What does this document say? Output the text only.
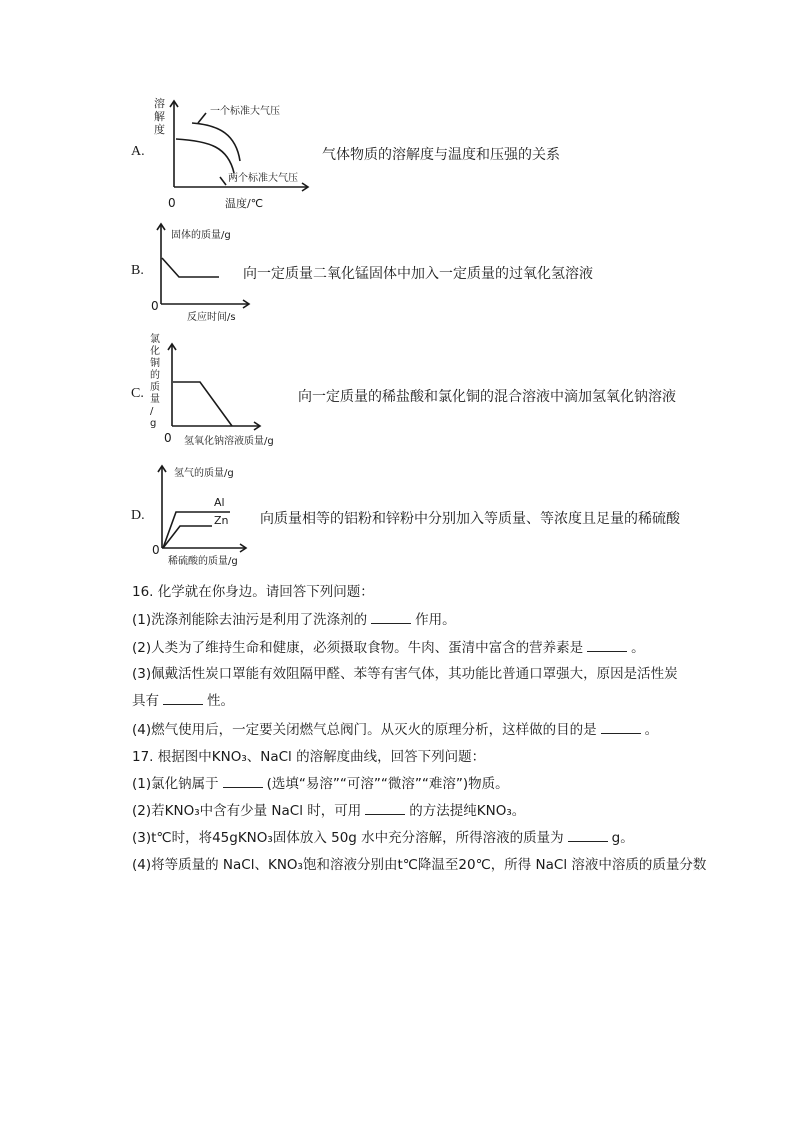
A.
溶
解
度
一个标准大气压
两个标准大气压
0	温度/℃
气体物质的溶解度与温度和压强的关系
B.
固体的质量/g
0
反应时间/s
向一定质量二氧化锰固体中加入一定质量的过氧化氢溶液
C.
氯
化
铜
的
质
量
/
g
0 氢氧化钠溶液质量/g
向一定质量的稀盐酸和氯化铜的混合溶液中滴加氢氧化钠溶液
D.
氢气的质量/g
Al
Zn
0
稀硫酸的质量/g
向质量相等的铝粉和锌粉中分别加入等质量、等浓度且足量的稀硫酸
16. 化学就在你身边。请回答下列问题：
(1)洗涤剂能除去油污是利用了洗涤剂的	作用。
(2)人类为了维持生命和健康，必须摄取食物。牛肉、蛋清中富含的营养素是	。
(3)佩戴活性炭口罩能有效阻隔甲醛、苯等有害气体，其功能比普通口罩强大，原因是活性炭
具有	性。
(4)燃气使用后，一定要关闭燃气总阀门。从灭火的原理分析，这样做的目的是	。
17. 根据图中KNO₃、NaCl 的溶解度曲线，回答下列问题：
(1)氯化钠属于	(选填“易溶”“可溶”“微溶”“难溶”)物质。
(2)若KNO₃中含有少量 NaCl 时，可用	的方法提纯KNO₃。
(3)t℃时，将45gKNO₃固体放入 50g 水中充分溶解，所得溶液的质量为	g。
(4)将等质量的 NaCl、KNO₃饱和溶液分别由t℃降温至20℃，所得 NaCl 溶液中溶质的质量分数
